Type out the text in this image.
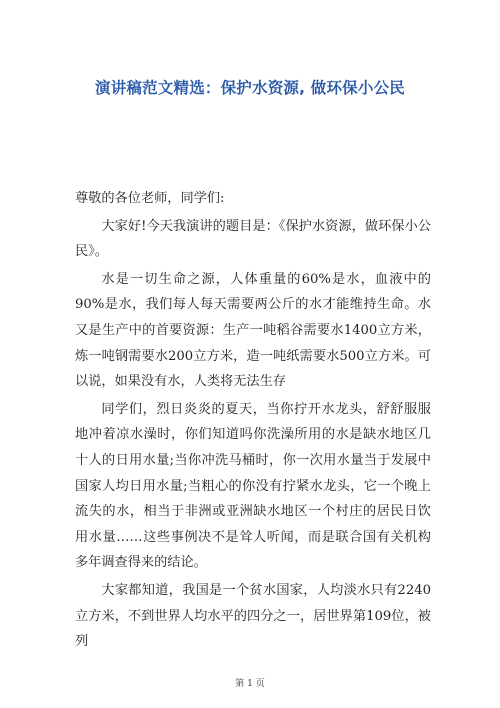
演讲稿范文精选：保护水资源, 做环保小公民

尊敬的各位老师，同学们:

大家好!今天我演讲的题目是：《保护水资源，做环保小公民》。

水是一切生命之源，人体重量的60%是水，血液中的90%是水，我们每人每天需要两公斤的水才能维持生命。水又是生产中的首要资源：生产一吨稻谷需要水1400立方米，炼一吨钢需要水200立方米，造一吨纸需要水500立方米。可以说，如果没有水，人类将无法生存

同学们，烈日炎炎的夏天，当你拧开水龙头，舒舒服服地冲着凉水澡时，你们知道吗你洗澡所用的水是缺水地区几十人的日用水量;当你冲洗马桶时，你一次用水量当于发展中国家人均日用水量;当粗心的你没有拧紧水龙头，它一个晚上流失的水，相当于非洲或亚洲缺水地区一个村庄的居民日饮用水量……这些事例决不是耸人听闻，而是联合国有关机构多年调查得来的结论。

大家都知道，我国是一个贫水国家，人均淡水只有2240立方米，不到世界人均水平的四分之一，居世界第109位，被列

第 1 页
